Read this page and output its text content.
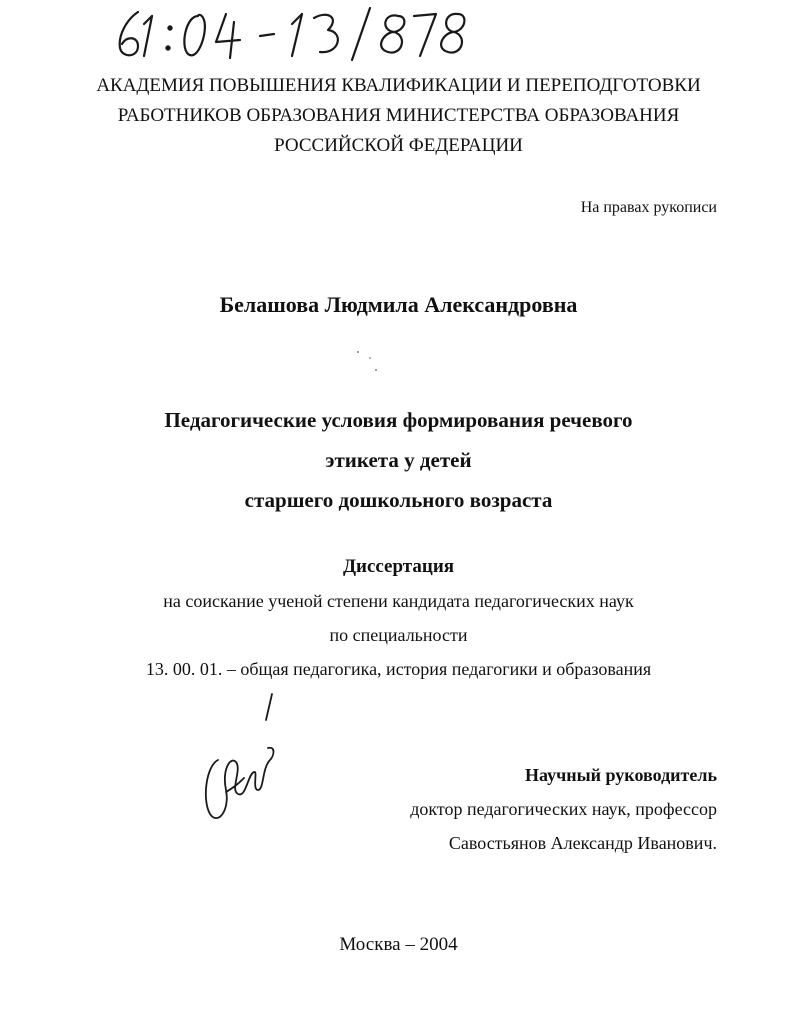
АКАДЕМИЯ ПОВЫШЕНИЯ КВАЛИФИКАЦИИ И ПЕРЕПОДГОТОВКИ
РАБОТНИКОВ ОБРАЗОВАНИЯ МИНИСТЕРСТВА ОБРАЗОВАНИЯ
РОССИЙСКОЙ ФЕДЕРАЦИИ
На правах рукописи
Белашова Людмила Александровна
Педагогические условия формирования речевого
этикета у детей
старшего дошкольного возраста
Диссертация
на соискание ученой степени кандидата педагогических наук
по специальности
13. 00. 01. – общая педагогика, история педагогики и образования
Научный руководитель
доктор педагогических наук, профессор
Савостьянов Александр Иванович.
Москва – 2004
